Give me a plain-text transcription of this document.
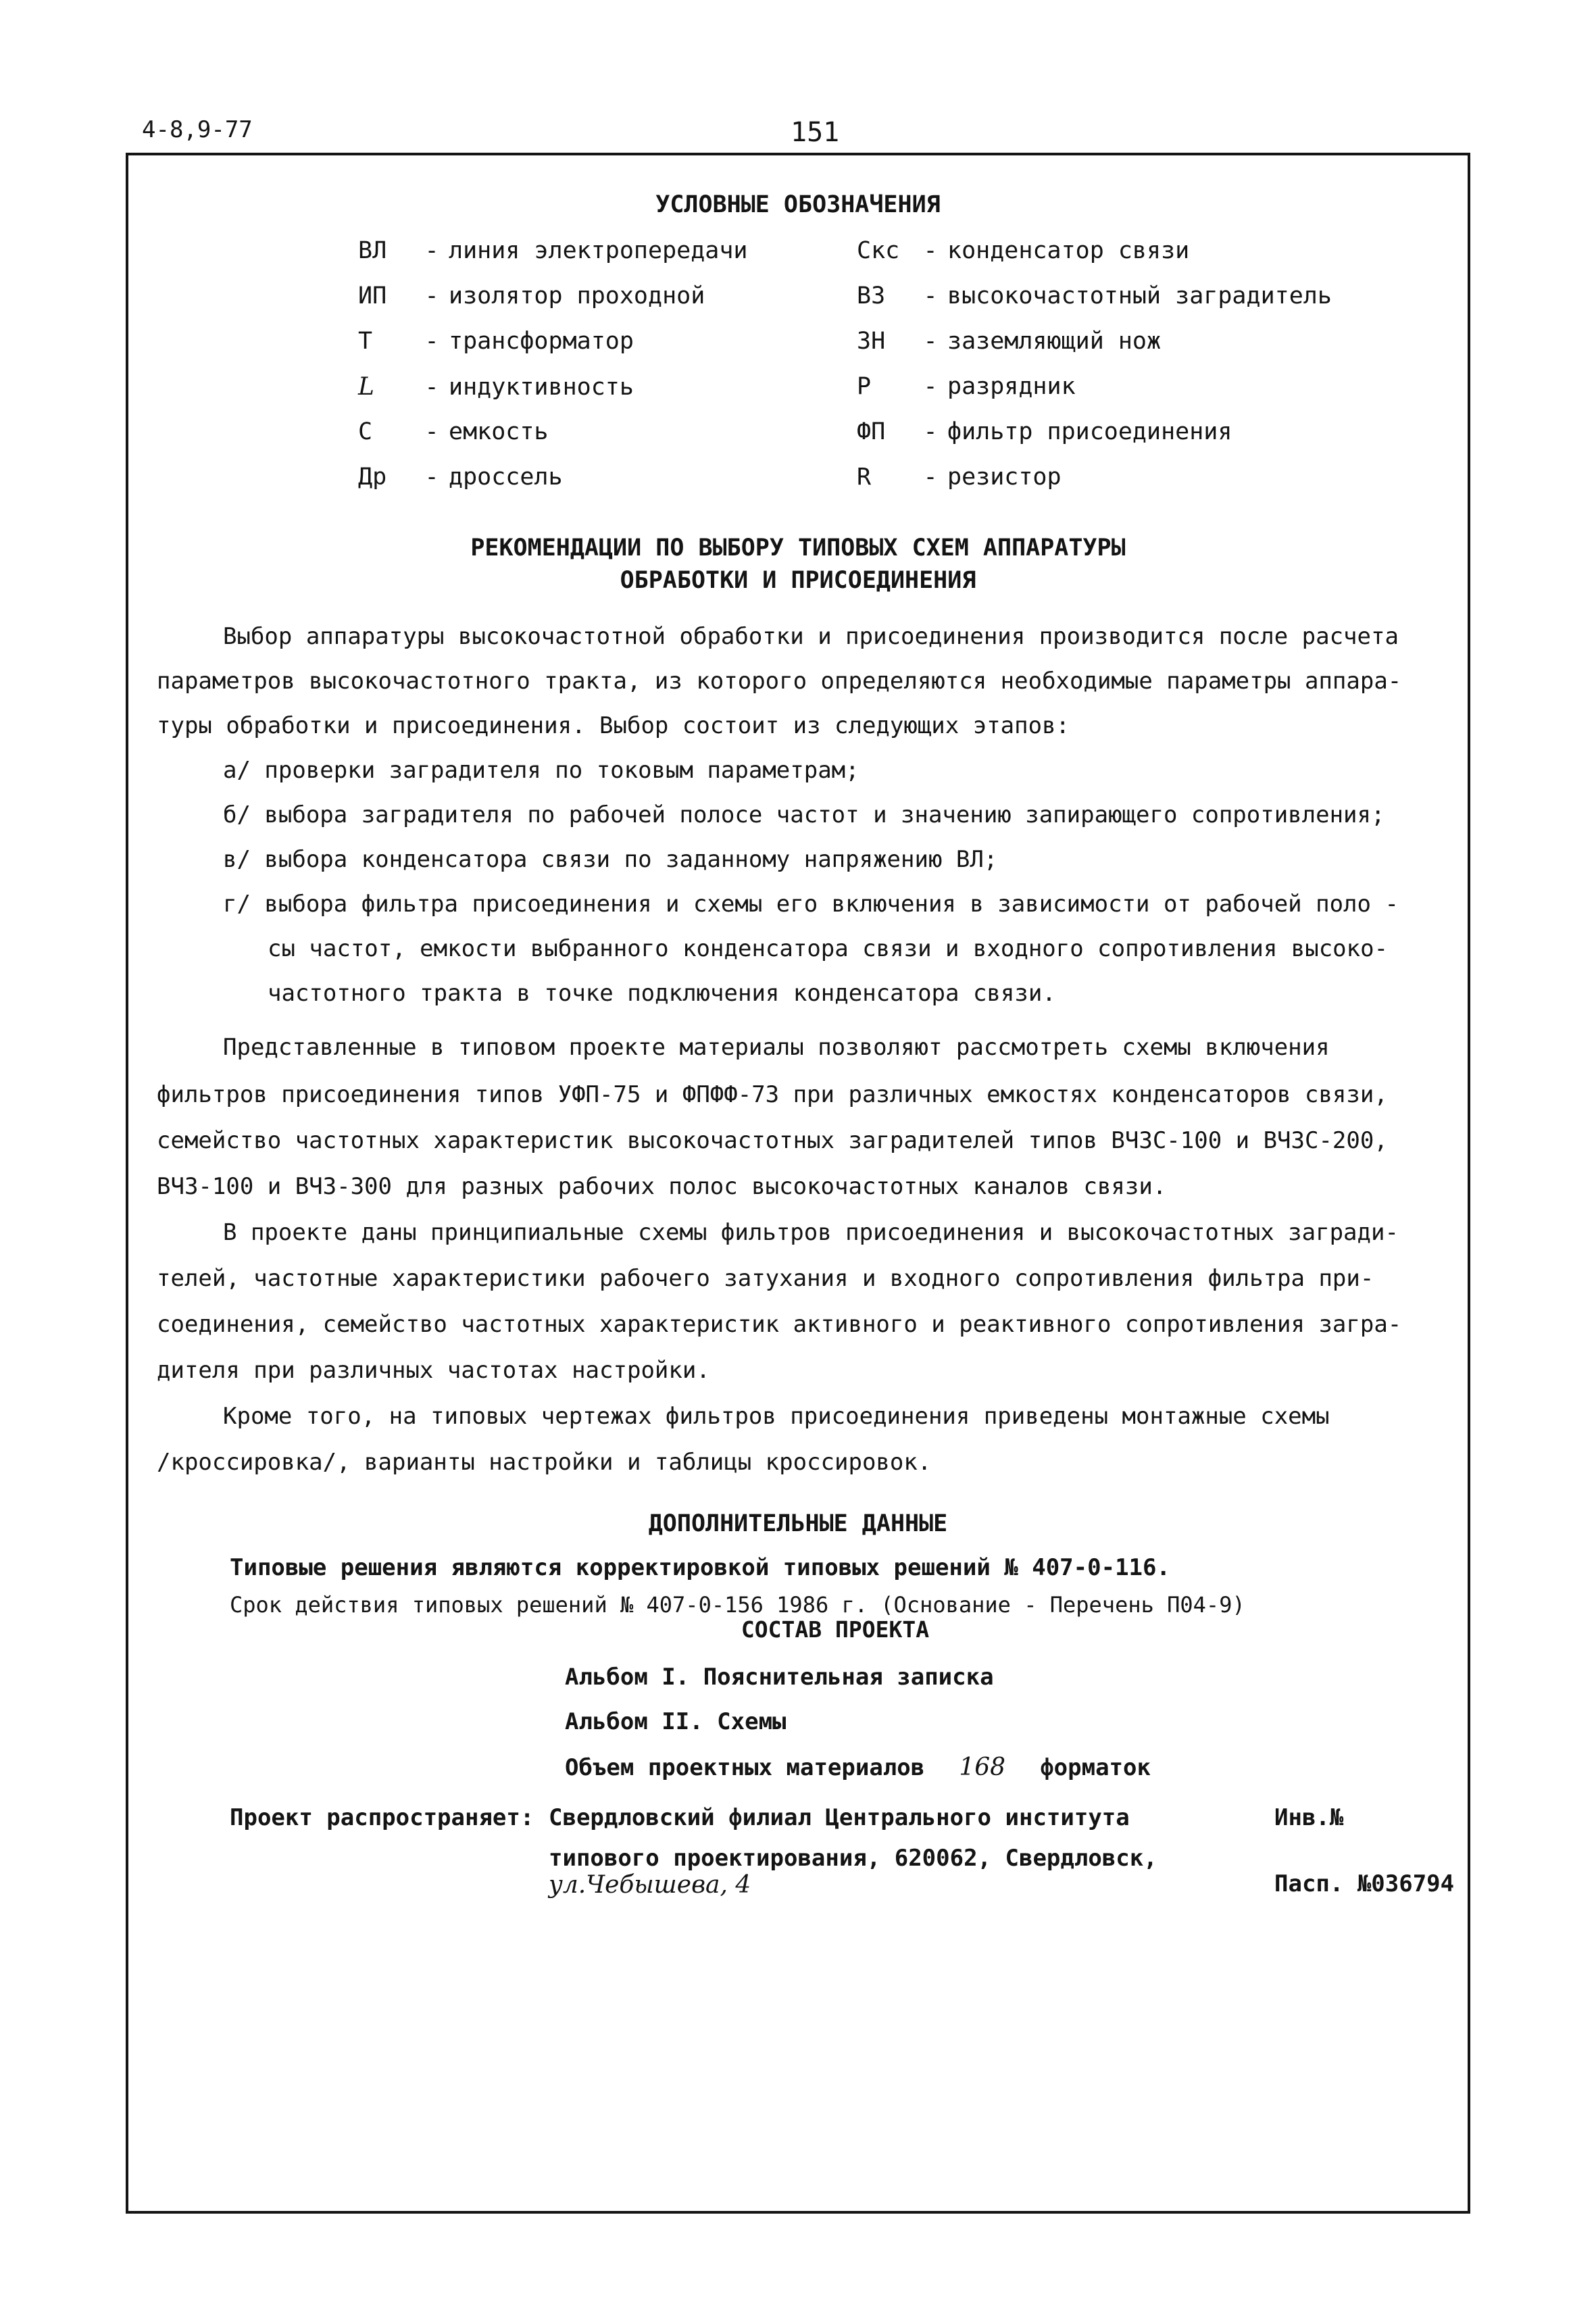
4-8,9-77	151
УСЛОВНЫЕ ОБОЗНАЧЕНИЯ
ВЛ - линия электропередачи
ИП - изолятор проходной
Т - трансформатор
L - индуктивность
С - емкость
Др - дроссель
Скс - конденсатор связи
ВЗ - высокочастотный заградитель
ЗН - заземляющий нож
Р - разрядник
ФП - фильтр присоединения
R - резистор
РЕКОМЕНДАЦИИ ПО ВЫБОРУ ТИПОВЫХ СХЕМ АППАРАТУРЫ
ОБРАБОТКИ И ПРИСОЕДИНЕНИЯ
Выбор аппаратуры высокочастотной обработки и присоединения производится после расчета
параметров высокочастотного тракта, из которого определяются необходимые параметры аппара-
туры обработки и присоединения. Выбор состоит из следующих этапов:
а/ проверки заградителя по токовым параметрам;
б/ выбора заградителя по рабочей полосе частот и значению запирающего сопротивления;
в/ выбора конденсатора связи по заданному напряжению ВЛ;
г/ выбора фильтра присоединения и схемы его включения в зависимости от рабочей поло -
сы частот, емкости выбранного конденсатора связи и входного сопротивления высоко-
частотного тракта в точке подключения конденсатора связи.
Представленные в типовом проекте материалы позволяют рассмотреть схемы включения
фильтров присоединения типов УФП-75 и ФПФФ-73 при различных емкостях конденсаторов связи,
семейство частотных характеристик высокочастотных заградителей типов ВЧЗС-100 и ВЧЗС-200,
ВЧЗ-100 и ВЧЗ-300 для разных рабочих полос высокочастотных каналов связи.
В проекте даны принципиальные схемы фильтров присоединения и высокочастотных загради-
телей, частотные характеристики рабочего затухания и входного сопротивления фильтра при-
соединения, семейство частотных характеристик активного и реактивного сопротивления загра-
дителя при различных частотах настройки.
Кроме того, на типовых чертежах фильтров присоединения приведены монтажные схемы
/кроссировка/, варианты настройки и таблицы кроссировок.
ДОПОЛНИТЕЛЬНЫЕ ДАННЫЕ
Типовые решения являются корректировкой типовых решений № 407-0-116.
Срок действия типовых решений № 407-0-156 1986 г. (Основание - Перечень П04-9)
СОСТАВ ПРОЕКТА
Альбом I. Пояснительная записка
Альбом II. Схемы
Объем проектных материалов 168 форматок
Проект распространяет: Свердловский филиал Центрального института
типового проектирования, 620062, Свердловск,
ул.Чебышева, 4
Инв.№
Пасп. №036794
